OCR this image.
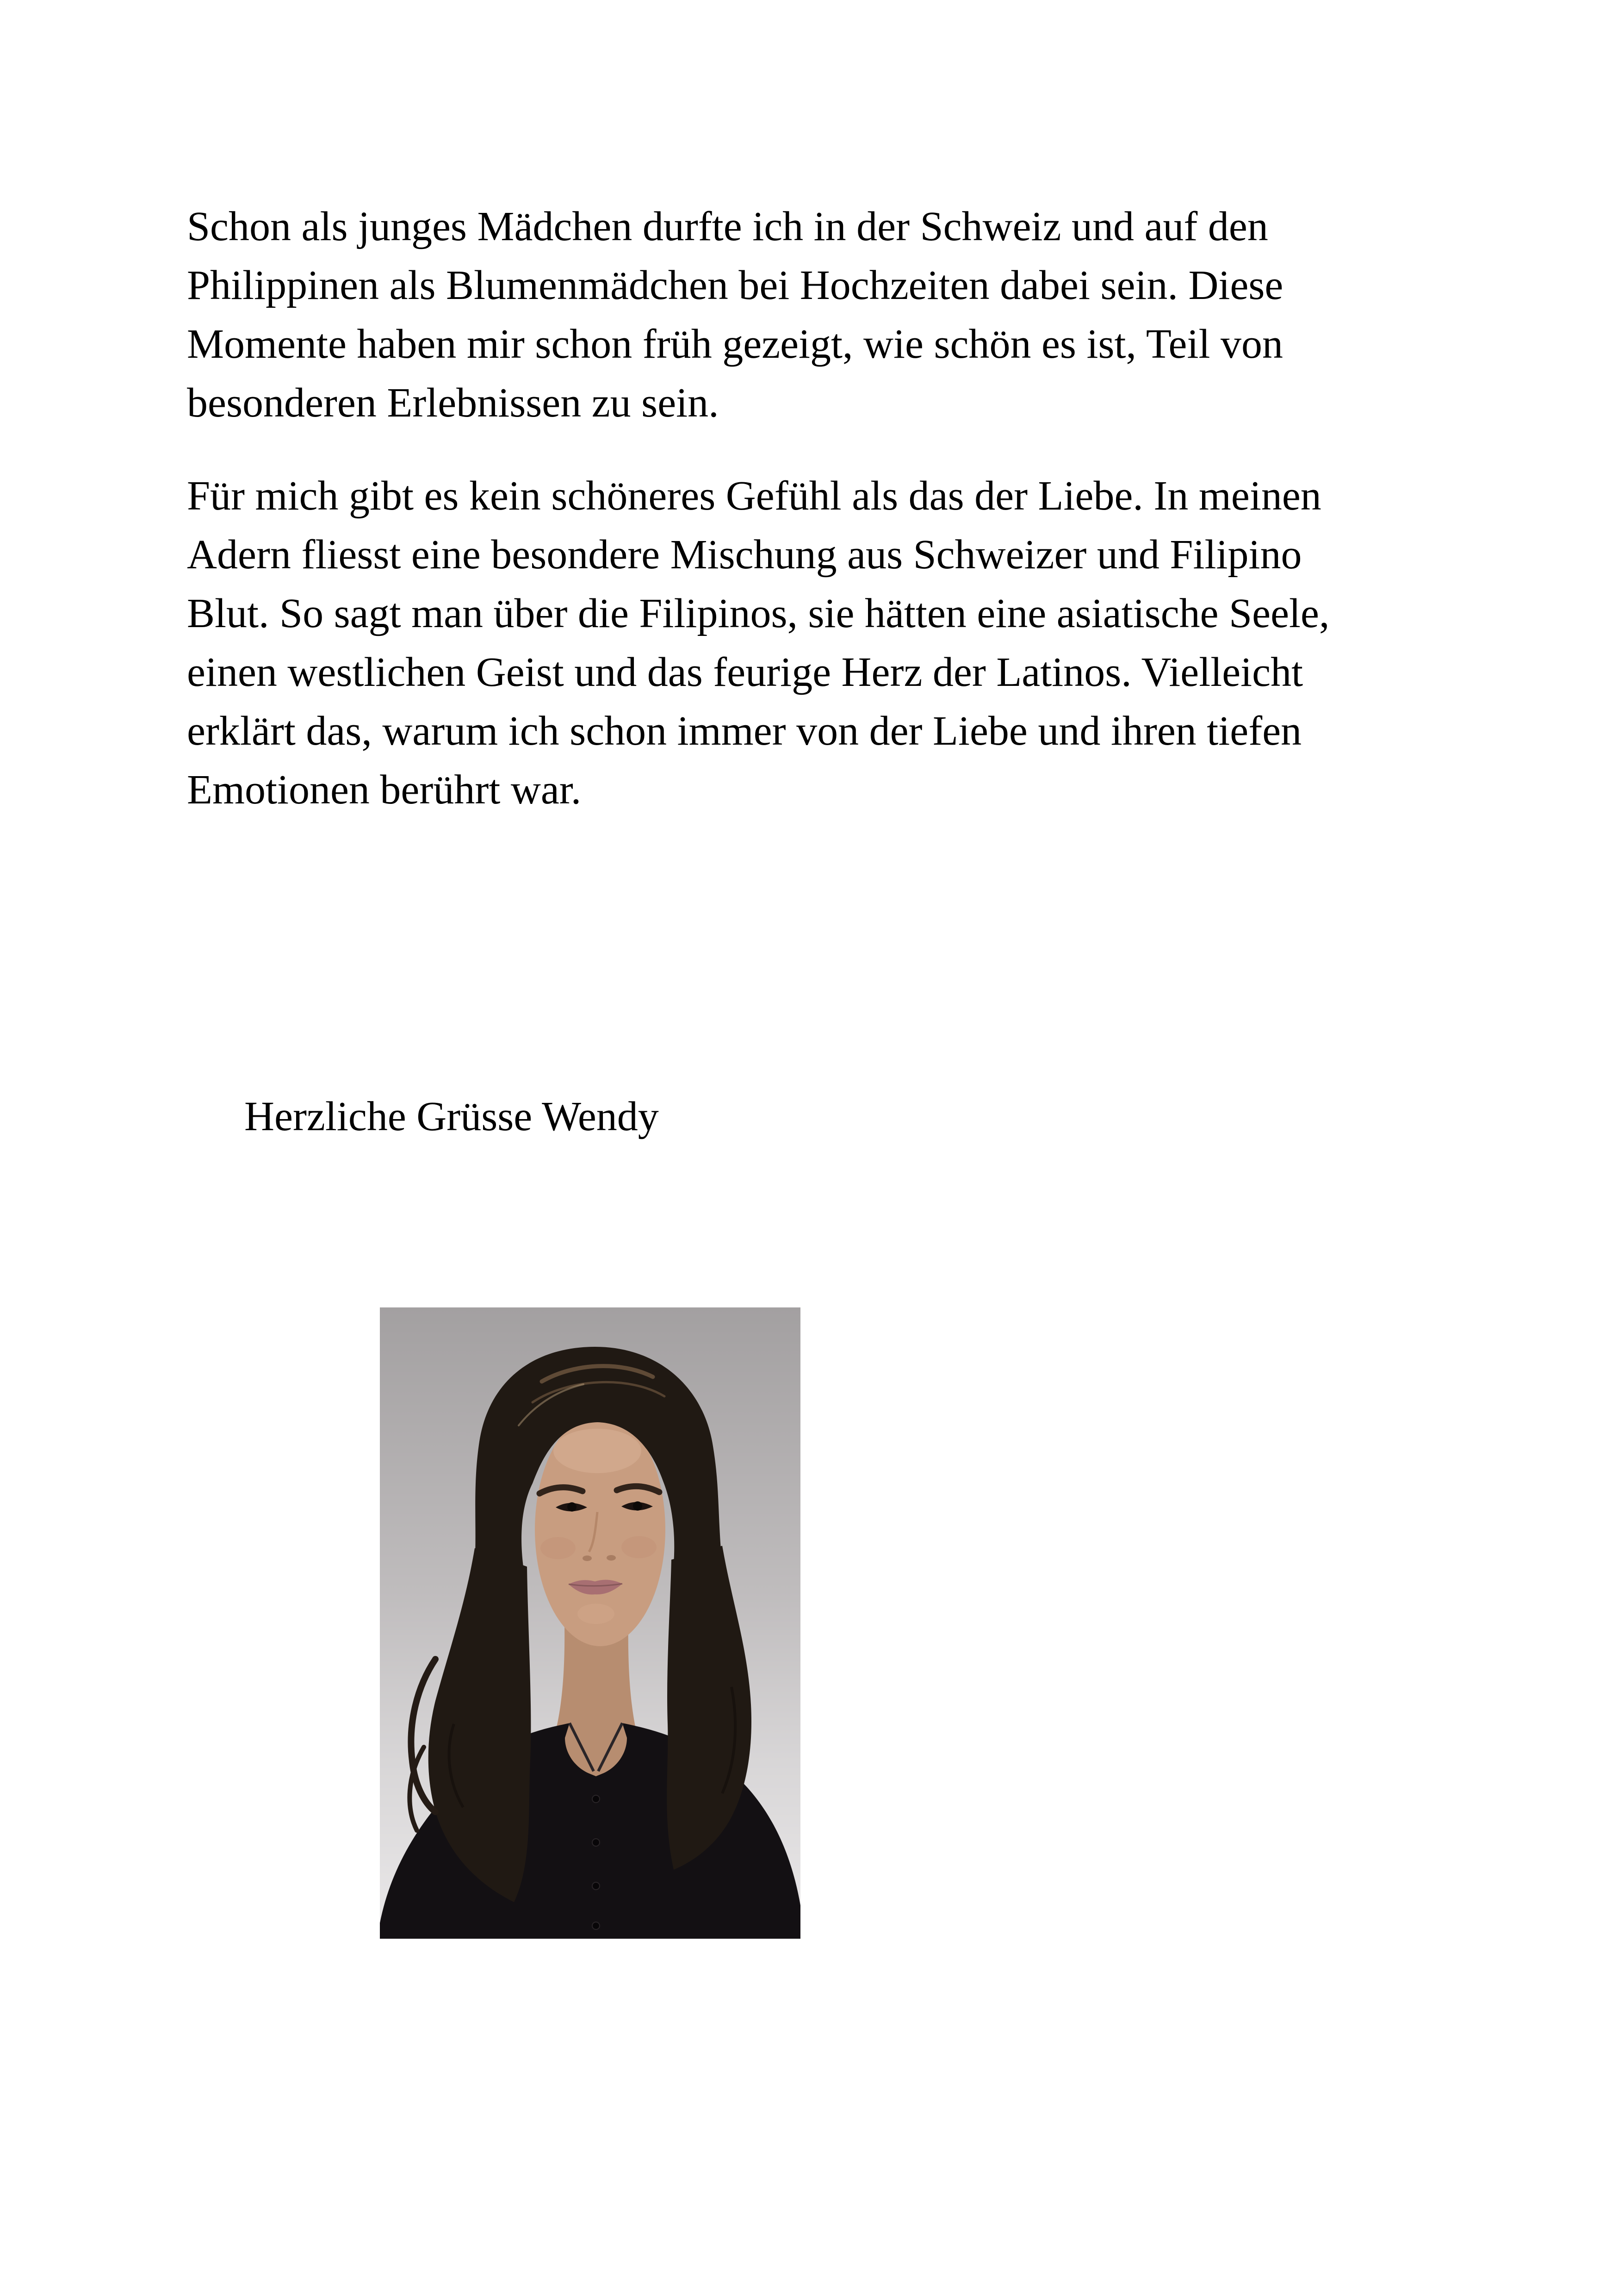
Schon als junges Mädchen durfte ich in der Schweiz und auf den
Philippinen als Blumenmädchen bei Hochzeiten dabei sein. Diese
Momente haben mir schon früh gezeigt, wie schön es ist, Teil von
besonderen Erlebnissen zu sein.
Für mich gibt es kein schöneres Gefühl als das der Liebe. In meinen
Adern fliesst eine besondere Mischung aus Schweizer und Filipino
Blut. So sagt man über die Filipinos, sie hätten eine asiatische Seele,
einen westlichen Geist und das feurige Herz der Latinos. Vielleicht
erklärt das, warum ich schon immer von der Liebe und ihren tiefen
Emotionen berührt war.
Herzliche Grüsse Wendy
